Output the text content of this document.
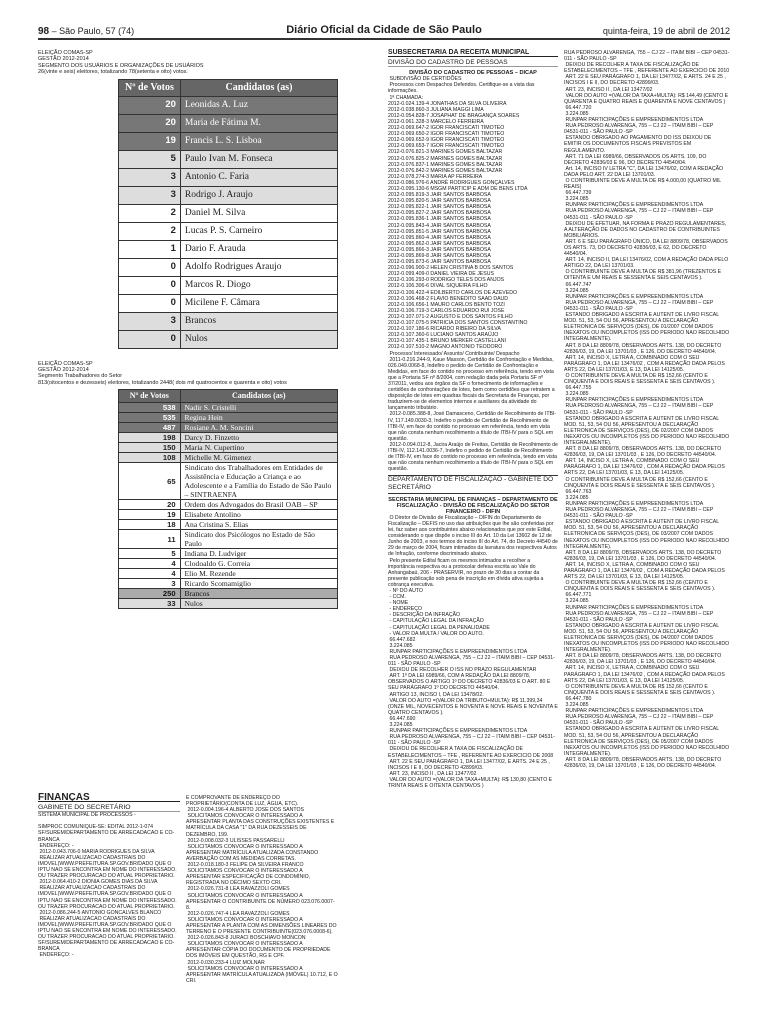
98 – São Paulo, 57 (74)	Diário Oficial da Cidade de São Paulo	quinta-feira, 19 de abril de 2012
ELEIÇÃO COMAS-SP
GESTÃO 2012-2014
SEGMENTO DOS USUÁRIOS E ORGANIZAÇÕES DE USUÁRIOS
26(vinte e seis) eleitores, totalizando 78(setenta e oito) votos.
Nº de Votos	Candidatos (as)
20	Leonidas A. Luz
20	Maria de Fátima M.
19	Francis L. S. Lisboa
5	Paulo Ivan M. Fonseca
3	Antonio C. Faria
3	Rodrigo J. Araujo
2	Daniel M. Silva
2	Lucas P. S. Carneiro
1	Dario F. Arauda
0	Adolfo Rodrigues Araujo
0	Marcos R. Diogo
0	Micilene F. Câmara
3	Brancos
0	Nulos
ELEIÇÃO COMAS-SP
GESTÃO 2012-2014
Segmento Trabalhadores do Setor
813(oitocentos e dezesseis) eleitores, totalizando 2448( dois mil quatrocentos e quarenta e oito) votos
Nº de Votos	Candidatos (as)
538	Nadir S. Cristelli
535	Regina Hein
487	Rosiane A. M. Soncini
198	Darcy D. Finzetto
150	Maria N. Cupertino
108	Michelle M. Gimenez
65	Sindicato dos Trabalhadores em Entidades de Assistência e Educação a Criança e ao Adolescente e a Família do Estado de São Paulo – SINTRAENFA
20	Ordem dos Advogados do Brasil OAB – SP
19	Elisabete Antolino
18	Ana Cristina S. Elias
11	Sindicato dos Psicólogos no Estado de São Paulo
5	Indiana D. Ludviger
4	Clodoaldo G. Correia
4	Elio M. Rezende
3	Ricardo Scomamiglio
250	Brancos
33	Nulos
FINANÇAS
GABINETE DO SECRETÁRIO

SISTEMA MUNICIPAL DE PROCESSOS -

SIMPROC COMUNIQUE-SE: EDITAL 2012-1-074
SF/SUREM/DEPARTAMENTO DE ARRECADACAO E CO-BRANCA
ENDEREÇO: -
2012-0.043.706-0 MARIA RODRIGUES DA SILVA
REALIZAR ATUALIZACAO CADASTRAIS DO IMOVEL(WWW.PREFEITURA.SP.GOV.BR/DADO QUE O IPTU NAO SE ENCONTRA EM NOME DO INTERESSADO. OU TRAZER PROCURACAO DO ATUAL PROPRIETARIO.
2012-0.064.410-2 DIONIA GOMES DIAS DA SILVA
REALIZAR ATUALIZACAO CADASTRAIS DO IMOVEL(WWW.PREFEITURA.SP.GOV.BR/DADO QUE O IPTU NAO SE ENCONTRA EM NOME DO INTERESSADO. OU TRAZER PROCURACAO DO ATUAL PROPRIETARIO.
2012-0.086.244-5 ANTONIO GONCALVES BLANCO
REALIZAR ATUALIZACAO CADASTRAIS DO IMOVEL(WWW.PREFEITURA.SP.GOV.BR/DADO QUE O IPTU NAO SE ENCONTRA EM NOME DO INTERESSADO. OU TRAZER PROCURACAO DO ATUAL PROPRIETARIO.
SF/SUREM/DEPARTAMENTO DE ARRECADACAO E CO-BRANCA
ENDEREÇO: -

E COMPROVANTE DE ENDEREÇO DO PROPRIETÁRIO(CONTA DE LUZ, ÁGUA, ETC).
2012-0.004.196-4 ALBERTO JOSE DOS SANTOS
SOLICITAMOS CONVOCAR O INTERESSADO A APRESENTAR PLANTA DAS CONSTRUÇÕES EXISTENTES E MATRÍCULA DA CASA "1" DA RUA DEZESSEIS DE DEZEMBRO, 199.
2012-0.008.032-3 ULISSES PASSARELLI
SOLICITAMOS CONVOCAR O INTERESSADO A APRESENTAR MATRÍCULA ATUALIZADA CONSTANDO AVERBAÇÃO COM AS MEDIDAS CORRETAS.
2012-0.018.180-3 FELIPE DA SILVEIRA FRANCO
SOLICITAMOS CONVOCAR O INTERESSADO A APRESENTAR ESPECIFICAÇÃO DE CONDOMÍNIO, REGISTRADA NO DÉCIMO SEXTO CRI.
2012-0.026.731-8 LEA RAVAZZOLI GOMES
SOLICITAMOS CONVOCAR O INTERESSADO A APRESENTAR O CONTRIBUINTE DE NÚMERO 023.076.0007-8.
2012-0.026.747-4 LEA RAVAZZOLI GOMES
SOLICITAMOS CONVOCAR O INTERESSADO A APRESENTAR A PLANTA COM AS DIMENSÕES LINEARES DO TERRENO E O PRESENTE CONTRIBUINTE(023.076.0008-6).
2012-0.026.843-8 JURACI BOSCHIAVO MONCON
SOLICITAMOS CONVOCAR O INTERESSADO A APRESENTAR CÓPIA DO DOCUMENTO DE PROPRIEDADE DOS IMÓVEIS EM QUESTÃO, RG E CPF.
2012-0.030.233-4 LUIZ MOLNAR
SOLICITAMOS CONVOCAR O INTERESSADO A APRESENTAR MATRÍCULA ATUALIZADA (IMÓVEL) 10.712, E O CRI.

SUBSECRETARIA DA RECEITA MUNICIPAL
DIVISÃO DO CADASTRO DE PESSOAS
DIVISÃO DO CADASTRO DE PESSOAS – DICAP

SUBDIVISÃO DE CERTIDÕES
Processos com Despachos Deferidos. Certifique-se a vista das informações.
1ª CHAMADA:
2012-0.024.139-4 JONATHAS DA SILVA OLIVEIRA
2012-0.038.860-3 JULIANA MAGGI LIMA
2012-0.054.828-7 JOSAPHAT DE BRAGANÇA SOARES
2012-0.061.328-3 MARCELO FERREIRA
2012-0.069.647-2 IGOR FRANCISCATI TIMOTEO
2012-0.069.650-2 IGOR FRANCISCATI TIMOTEO
2012-0.069.652-9 IGOR FRANCISCATI TIMOTEO
2012-0.069.653-7 IGOR FRANCISCATI TIMOTEO
2012-0.076.821-3 MARINES GOMES BALTAZAR
2012-0.076.825-2 MARINES GOMES BALTAZAR
2012-0.076.837-1 MARINES GOMES BALTAZAR
2012-0.076.842-2 MARINES GOMES BALTAZAR
2012-0.078.274-3 MARIA AP FERREIRA
2012-0.086.976-6 ANDRÉ RODRIGUES GONÇALVES
2012-0.095.130-6 MSGM PARTICIP E ADM DE BENS LTDA
2012-0.095.819-3 JAIR SANTOS BARBOSA
2012-0.095.820-5 JAIR SANTOS BARBOSA
2012-0.095.822-1 JAIR SANTOS BARBOSA
2012-0.095.827-2 JAIR SANTOS BARBOSA
2012-0.095.836-1 JAIR SANTOS BARBOSA
2012-0.095.843-4 JAIR SANTOS BARBOSA
2012-0.095.851-5 JAIR SANTOS BARBOSA
2012-0.095.860-4 JAIR SANTOS BARBOSA
2012-0.095.862-0 JAIR SANTOS BARBOSA
2012-0.095.866-3 JAIR SANTOS BARBOSA
2012-0.095.869-8 JAIR SANTOS BARBOSA
2012-0.095.873-6 JAIR SANTOS BARBOSA
2012-0.096.900-2 HELEN CRISTINA B DOS SANTOS
2012-0.099.409-0 DANIEL VIEIRA DE JESUS
2012-0.106.293-0 RODRIGO TELES DOS ANJOS
2012-0.106.306-6 DIVAL SIQUEIRA FILHO
2012-0.106.422-4 EDILBERTO CARLOS DE AZEVEDO
2012-0.106.468-2 FLAVIO BENEDITO SAAD DAUD
2012-0.106.656-1 MAURO CARLOS BENTO TOZI
2012-0.106.719-3 CARLOS EDUARDO RUI JOSE
2012-0.107.071-2 AUGUSTO E DOS SANTOS FILHO
2012-0.107.075-5 PATRICIA DOS SANTOS CONSTANTINO
2012-0.107.186-6 RICARDO RIBEIRO DA SILVA
2012-0.107.360-6 LUCIANO SANTOS ARAÚJO
2012-0.107.435-1 BRUNO MERKER CASTELLANI
2012-0.107.510-2 MAGNO ANTONIO TEODORO
Processo/ Interessado/ Assunto/ Contribuinte/ Despacho
2011-0.216.244-9, Kaue Masson, Certidão de Confrontação e Medidas, 026.049.0068-8, Indefiro o pedido de Certidão de Confrontação e Medidas, em face do contido no processo em referência, tendo em vista que a Portaria SF nº 8/2004, com redação dada pela Portaria SF nº 37/2011, vedou aos órgãos da SF o fornecimento de informações e certidões de confrontações de lotes, bem como certidões que retratem a disposição de lotes em quadras fiscais da Secretaria de Finanças, por traduzirem-se de elementos internos e auxiliares da atividade do lançamento tributário.
2012-0.085.388-8, José Damasceno, Certidão de Recolhimento de ITBI-IV, 117.149.0030-3, Indefiro o pedido de Certidão de Recolhimento de ITBI-IV, em face do contido no processo em referência, tendo em vista que não consta nenhum recolhimento a título de ITBI-IV para o SQL em questão.
2012-0.094.012-8, Jacira Araújo de Freitas, Certidão de Recolhimento de ITBI-IV, 112.141.0036-7, Indefiro o pedido de Certidão de Recolhimento de ITBI-IV, em face do contido no processo em referência, tendo em vista que não consta nenhum recolhimento a título de ITBI-IV para o SQL em questão.

DEPARTAMENTO DE FISCALIZAÇÃO - GABINETE DO SECRETÁRIO
SECRETARIA MUNICIPAL DE FINANÇAS – DEPARTAMENTO DE FISCALIZAÇÃO - DIVISÃO DE FISCALIZAÇÃO DO SETOR FINANCEIRO - DIFIN

O Diretor de Divisão de Fiscalização – DIFIN do Departamento de Fiscalização – DEFIS no uso das atribuições que lhe são conferidas por lei, faz saber aos contribuintes abaixo relacionados que por este Edital, considerando o que dispõe o inciso III do Art. 10 da Lei 13602 de 12 de Junho de 2003, e nos termos do inciso III do Art. 74, do Decreto 44540 de 29 de março de 2004, ficam intimados da lavratura dos respectivos Autos de Infração, conforme discriminado abaixo.
Pelo presente Edital ficam os mesmos intimados a recolher a importância respectiva ou a protocolar defesa escrita ao Vale do Anhangabaú, 206 - PRASERVIR, no prazo de 30 dias a contar da presente publicação sob pena de inscrição em dívida ativa sujeita a cobrança executiva.
- Nº DO AUTO
- CCM.
- NOME
- ENDEREÇO
- DESCRIÇÃO DA INFRAÇÃO
- CAPITULAÇÃO LEGAL DA INFRAÇÃO
- CAPITULAÇÃO LEGAL DA PENALIDADE
- VALOR DA MULTA / VALOR DO AUTO.
66.447.682
3.224.085
RUNPAR PARTICIPAÇÕES E EMPREENDIMENTOS LTDA
RUA PEDROSO ALVARENGA, 755 – CJ 22 – ITAIM BIBI – CEP 04531-011 - SÃO PAULO -SP
DEIXOU DE RECOLHER O ISS NO PRAZO REGULAMENTAR
ART. 1º DA LEI 6989/66, COM A REDAÇÃO DA LEI 8809/78, OBSERVADOS O ARTIGO 1º DO DECRETO 42836/03 E O ART. 80 E SEU PARÁGRAFO 1º DO DECRETO 44540/04.
ARTIGO 13, INCISO I, DA LEI 13478/02.
VALOR DO AUTO =(VALOR DA TRIBUTO+MULTA): R$ 11.399,34 (ONZE MIL, NOVECENTOS E NOVENTA E NOVE REAIS E NOVENTA E QUATRO CENTAVOS ).
66.447.690
3.224.085
RUNPAR PARTICIPAÇÕES E EMPREENDIMENTOS LTDA
RUA PEDROSO ALVARENGA, 755 – CJ 22 – ITAIM BIBI – CEP 04531-011 - SÃO PAULO -SP
DEIXOU DE RECOLHER A TAXA DE FISCALIZAÇÃO DE ESTABELECIMENTOS – TFE , REFERENTE AO EXERCICIO DE 2008
ART. 22 E SEU PARÁGRAFO 1, DA LEI 13477/02, E ARTS. 24 E 25 , INCISOS I E II, DO DECRETO 42899/03.
ART. 23, INCISO II , DA LEI 13477/02
VALOR DO AUTO =(VALOR DA TAXA+MULTA): R$ 130,80 (CENTO E TRINTA REAIS E OITENTA CENTAVOS )

RUA PEDROSO ALVARENGA, 755 – CJ 22 – ITAIM BIBI – CEP 04531-011 - SÃO PAULO -SP
DEIXOU DE RECOLHER A TAXA DE FISCALIZAÇÃO DE ESTABELECIMENTOS – TFE , REFERENTE AO EXERCICIO DE 2010
ART. 22 E SEU PARÁGRAFO 1, DA LEI 13477/02, E ARTS. 24 E 25 , INCISOS I E II, DO DECRETO 42899/03.
ART. 23, INCISO II , DA LEI 13477/02
VALOR DO AUTO =(VALOR DA TAXA+MULTA): R$ 144,49 (CENTO E QUARENTA E QUATRO REAIS E QUARENTA E NOVE CENTAVOS )
66.447.720
3.224.085
RUNPAR PARTICIPAÇÕES E EMPREENDIMENTOS LTDA
RUA PEDROSO ALVARENGA, 755 – CJ 22 – ITAIM BIBI – CEP 04531-011 - SÃO PAULO -SP
ESTANDO OBRIGADO AO PAGAMENTO DO ISS DEIXOU DE EMITIR OS DOCUMENTOS FISCAIS PREVISTOS EM REGULAMENTO.
ART. 71 DA LEI 6989/66, OBSERVADOS OS ARTS. 109, DO DECRETO 42836/03 E 96, DO DECRETO 44540/04.
Art. 14, INCISO IV LETRA "C", DA LEI 13476/02, COM A REDAÇÃO DADA PELO ART. 22 DA LEI 13701/03.
O CONTRIBUINTE DEVE A MULTA DE R$ 4.000,00 (QUATRO MIL REAIS)
66.447.739
3.224.085
RUNPAR PARTICIPAÇÕES E EMPREENDIMENTOS LTDA
RUA PEDROSO ALVARENGA, 755 – CJ 22 – ITAIM BIBI – CEP 04531-011 - SÃO PAULO -SP
DEIXOU DE EFETUAR, NA FORMA E PRAZO REGULAMENTARES, A ALTERAÇÃO DE DADOS NO CADASTRO DE CONTRIBUINTES MOBILIÁRIOS.
ART. 6 E SEU PARÁGRAFO ÚNICO, DA LEI 8809/78, OBSERVADOS OS ARTS. 73, DO DECRETO 42836/03, E 62, DO DECRETO 44540/04.
ART. 14, INCISO II, DA LEI 13476/02, COM A REDAÇÃO DADA PELO ARTIGO 22, DA LEI 13701/03.
O CONTRIBUINTE DEVE A MULTA DE R$ 381,96 (TREZENTOS E OITENTA E UM REAIS E SESSENTA E SEIS CENTAVOS ).
66.447.747
3.224.085
RUNPAR PARTICIPAÇÕES E EMPREENDIMENTOS LTDA
RUA PEDROSO ALVARENGA, 755 – CJ 22 – ITAIM BIBI – CEP 04531-011 - SÃO PAULO -SP
ESTANDO OBRIGADO A ESCRITA E AUTENT DE LIVRO FISCAL MOD. 51, 53, 54 OU 56, APRESENTOU A DECLARAÇÃO ELETRONICA DE SERVIÇOS (DES), DE 01/2007 COM DADOS INEXATOS OU INCOMPLETOS (ISS DO PERIODO NAO RECOLHIDO INTEGRALMENTE).
ART. 8 DA LEI 8809/78, OBSERVADOS ARTS. 138, DO DECRETO 42836/03, 19, DA LEI 13701/03 , E 126, DO DECRETO 44540/04.
ART. 14, INCISO X, LETRA A, COMBINADO COM O SEU PARÁGRAFO 1, DA LEI 13476/02 , COM A REDAÇÃO DADA PELOS ARTS 22, DA LEI 13701/03, E 13, DA LEI 14125/05.
O CONTRIBUINTE DEVE A MULTA DE R$ 152,66 (CENTO E CINQUENTA E DOIS REAIS E SESSENTA E SEIS CENTAVOS ).
66.447.755
3.224.085
RUNPAR PARTICIPAÇÕES E EMPREENDIMENTOS LTDA
RUA PEDROSO ALVARENGA, 755 – CJ 22 – ITAIM BIBI – CEP 04531-011 - SÃO PAULO -SP
ESTANDO OBRIGADO A ESCRITA E AUTENT DE LIVRO FISCAL MOD. 51, 53, 54 OU 56, APRESENTOU A DECLARAÇÃO ELETRONICA DE SERVIÇOS (DES), DE 02/2007 COM DADOS INEXATOS OU INCOMPLETOS (ISS DO PERIODO NAO RECOLHIDO INTEGRALMENTE).
ART. 8 DA LEI 8809/78, OBSERVADOS ARTS. 138, DO DECRETO 42836/03, 19, DA LEI 13701/03 , E 126, DO DECRETO 44540/04.
ART. 14, INCISO X, LETRA A, COMBINADO COM O SEU PARÁGRAFO 1, DA LEI 13476/02 , COM A REDAÇÃO DADA PELOS ARTS 22, DA LEI 13701/03, E 13, DA LEI 14125/05.
O CONTRIBUINTE DEVE A MULTA DE R$ 152,66 (CENTO E CINQUENTA E DOIS REAIS E SESSENTA E SEIS CENTAVOS ).
66.447.763
3.224.085
RUNPAR PARTICIPAÇÕES E EMPREENDIMENTOS LTDA
RUA PEDROSO ALVARENGA, 755 – CJ 22 – ITAIM BIBI – CEP 04531-011 - SÃO PAULO -SP
ESTANDO OBRIGADO A ESCRITA E AUTENT DE LIVRO FISCAL MOD. 51, 53, 54 OU 56, APRESENTOU A DECLARAÇÃO ELETRONICA DE SERVIÇOS (DES), DE 03/2007 COM DADOS INEXATOS OU INCOMPLETOS (ISS DO PERIODO NAO RECOLHIDO INTEGRALMENTE).
ART. 8 DA LEI 8809/78, OBSERVADOS ARTS. 138, DO DECRETO 42836/03, 19, DA LEI 13701/03 , E 126, DO DECRETO 44540/04.
ART. 14, INCISO X, LETRA A, COMBINADO COM O SEU PARÁGRAFO 1, DA LEI 13476/02 , COM A REDAÇÃO DADA PELOS ARTS 22, DA LEI 13701/03, E 13, DA LEI 14125/05.
O CONTRIBUINTE DEVE A MULTA DE R$ 152,66 (CENTO E CINQUENTA E DOIS REAIS E SESSENTA E SEIS CENTAVOS ).
66.447.771
3.224.085
RUNPAR PARTICIPAÇÕES E EMPREENDIMENTOS LTDA
RUA PEDROSO ALVARENGA, 755 – CJ 22 – ITAIM BIBI – CEP 04531-011 - SÃO PAULO -SP
ESTANDO OBRIGADO A ESCRITA E AUTENT DE LIVRO FISCAL MOD. 51, 53, 54 OU 56, APRESENTOU A DECLARAÇÃO ELETRONICA DE SERVIÇOS (DES), DE 04/2007 COM DADOS INEXATOS OU INCOMPLETOS (ISS DO PERIODO NAO RECOLHIDO INTEGRALMENTE).
ART. 8 DA LEI 8809/78, OBSERVADOS ARTS. 138, DO DECRETO 42836/03, 19, DA LEI 13701/03 , E 126, DO DECRETO 44540/04.
ART. 14, INCISO X, LETRA A, COMBINADO COM O SEU PARÁGRAFO 1, DA LEI 13476/02 , COM A REDAÇÃO DADA PELOS ARTS 22, DA LEI 13701/03, E 13, DA LEI 14125/05.
O CONTRIBUINTE DEVE A MULTA DE R$ 152,66 (CENTO E CINQUENTA E DOIS REAIS E SESSENTA E SEIS CENTAVOS ).
66.447.780
3.224.085
RUNPAR PARTICIPAÇÕES E EMPREENDIMENTOS LTDA
RUA PEDROSO ALVARENGA, 755 – CJ 22 – ITAIM BIBI – CEP 04531-011 - SÃO PAULO -SP
ESTANDO OBRIGADO A ESCRITA E AUTENT DE LIVRO FISCAL MOD. 51, 53, 54 OU 56, APRESENTOU A DECLARAÇÃO ELETRONICA DE SERVIÇOS (DES), DE 05/2007 COM DADOS INEXATOS OU INCOMPLETOS (ISS DO PERIODO NAO RECOLHIDO INTEGRALMENTE).
ART. 8 DA LEI 8809/78, OBSERVADOS ARTS. 138, DO DECRETO 42836/03, 19, DA LEI 13701/03 , E 126, DO DECRETO 44540/04.
